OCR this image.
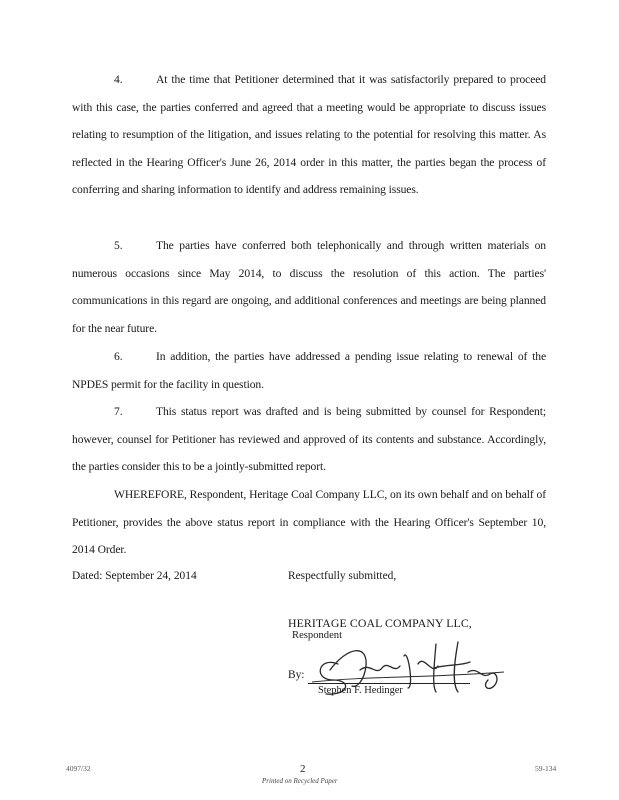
4.	At the time that Petitioner determined that it was satisfactorily prepared to proceed with this case, the parties conferred and agreed that a meeting would be appropriate to discuss issues relating to resumption of the litigation, and issues relating to the potential for resolving this matter. As reflected in the Hearing Officer's June 26, 2014 order in this matter, the parties began the process of conferring and sharing information to identify and address remaining issues.
5.	The parties have conferred both telephonically and through written materials on numerous occasions since May 2014, to discuss the resolution of this action. The parties' communications in this regard are ongoing, and additional conferences and meetings are being planned for the near future.
6.	In addition, the parties have addressed a pending issue relating to renewal of the NPDES permit for the facility in question.
7.	This status report was drafted and is being submitted by counsel for Respondent; however, counsel for Petitioner has reviewed and approved of its contents and substance. Accordingly, the parties consider this to be a jointly-submitted report.
WHEREFORE, Respondent, Heritage Coal Company LLC, on its own behalf and on behalf of Petitioner, provides the above status report in compliance with the Hearing Officer's September 10, 2014 Order.
Dated: September 24, 2014	Respectfully submitted,
HERITAGE COAL COMPANY LLC,
Respondent
By:
Stephen F. Hedinger
4097/32	2
Printed on Recycled Paper
59-134
